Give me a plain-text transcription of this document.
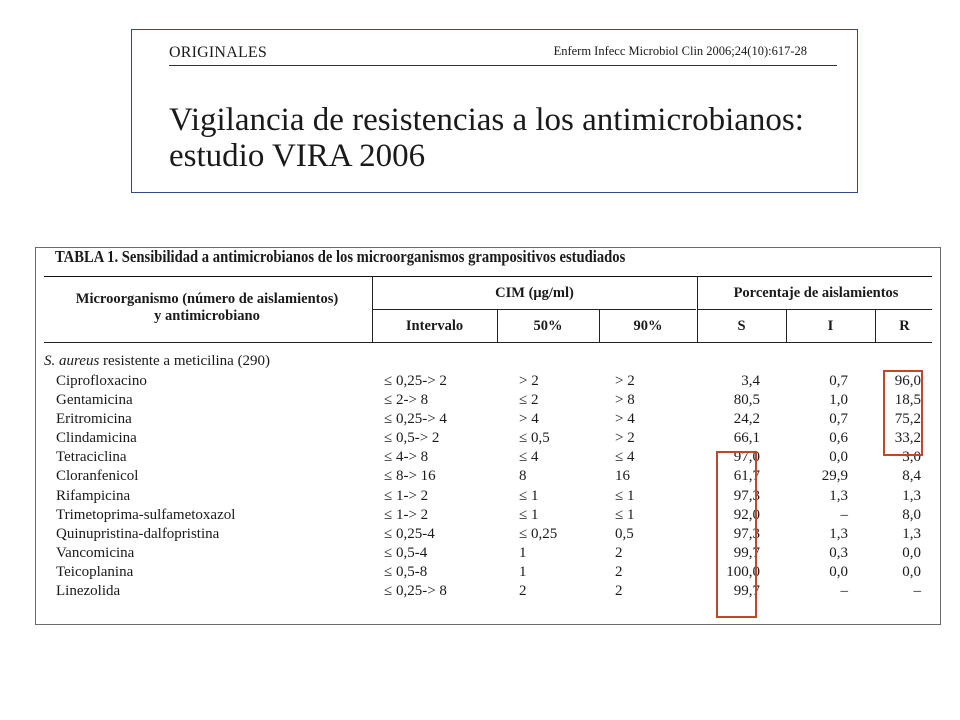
ORIGINALES	Enferm Infecc Microbiol Clin 2006;24(10):617-28
Vigilancia de resistencias a los antimicrobianos:
estudio VIRA 2006
TABLA 1. Sensibilidad a antimicrobianos de los microorganismos grampositivos estudiados
Microorganismo (número de aislamientos)
y antimicrobiano
CIM (μg/ml)	Porcentaje de aislamientos
Intervalo	50%	90%	S	I	R
S. aureus resistente a meticilina (290)
Ciprofloxacino	≤ 0,25-> 2	> 2	> 2	3,4	0,7	96,0
Gentamicina	≤ 2-> 8	≤ 2	> 8	80,5	1,0	18,5
Eritromicina	≤ 0,25-> 4	> 4	> 4	24,2	0,7	75,2
Clindamicina	≤ 0,5-> 2	≤ 0,5	> 2	66,1	0,6	33,2
Tetraciclina	≤ 4-> 8	≤ 4	≤ 4	97,0	0,0	3,0
Cloranfenicol	≤ 8-> 16	8	16	61,7	29,9	8,4
Rifampicina	≤ 1-> 2	≤ 1	≤ 1	97,3	1,3	1,3
Trimetoprima-sulfametoxazol	≤ 1-> 2	≤ 1	≤ 1	92,0	–	8,0
Quinupristina-dalfopristina	≤ 0,25-4	≤ 0,25	0,5	97,3	1,3	1,3
Vancomicina	≤ 0,5-4	1	2	99,7	0,3	0,0
Teicoplanina	≤ 0,5-8	1	2	100,0	0,0	0,0
Linezolida	≤ 0,25-> 8	2	2	99,7	–	–
